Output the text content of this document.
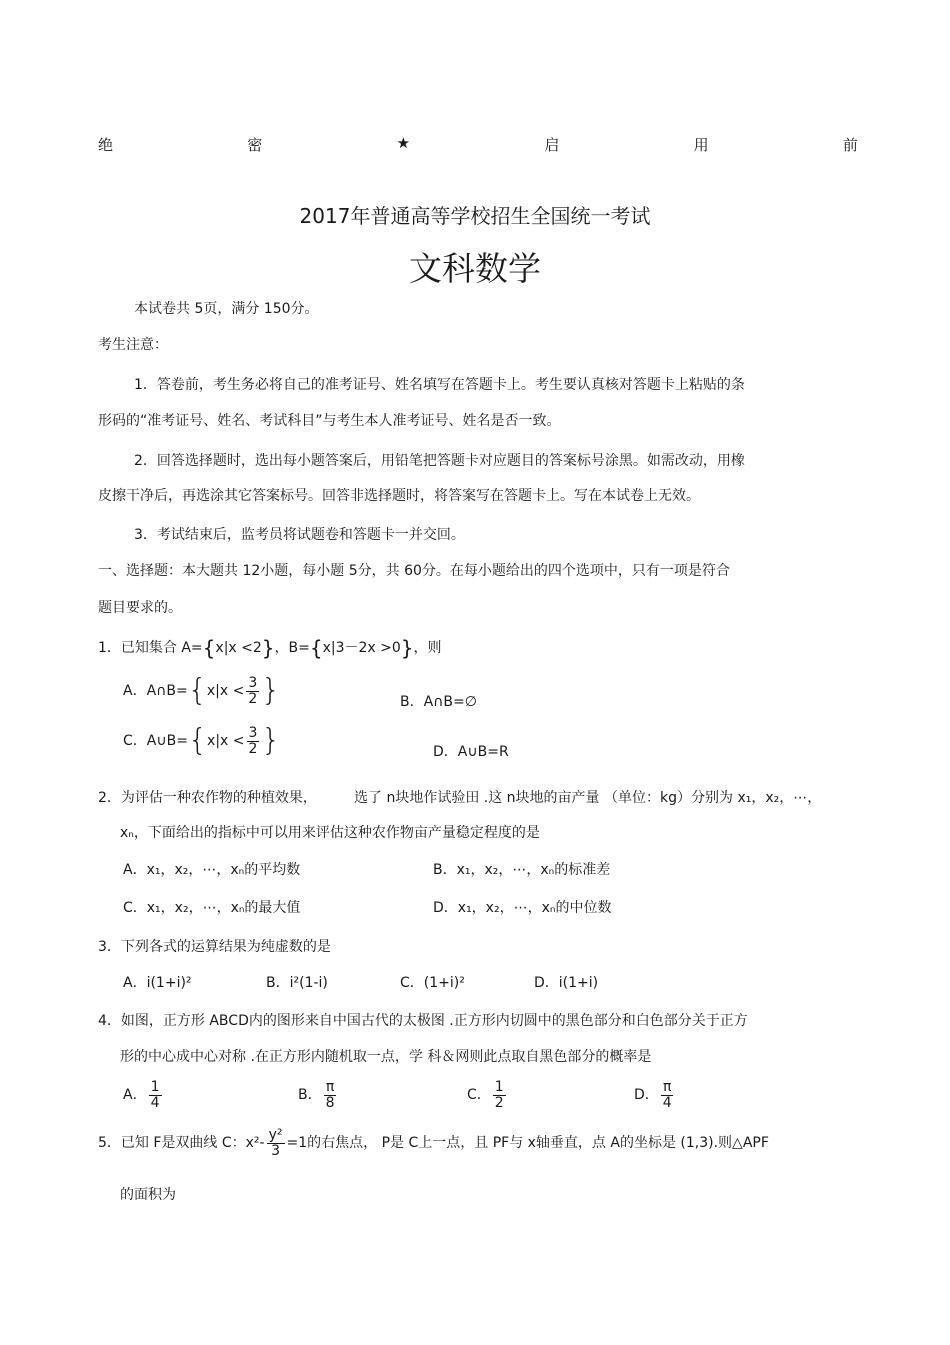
绝	密	★	启	用	前
2017年普通高等学校招生全国统一考试
文科数学
本试卷共 5页，满分 150分。
考生注意：
1．答卷前，考生务必将自己的准考证号、姓名填写在答题卡上。考生要认真核对答题卡上粘贴的条
形码的“准考证号、姓名、考试科目”与考生本人准考证号、姓名是否一致。
2．回答选择题时，选出每小题答案后，用铅笔把答题卡对应题目的答案标号涂黑。如需改动，用橡
皮擦干净后，再选涂其它答案标号。回答非选择题时，将答案写在答题卡上。写在本试卷上无效。
3．考试结束后，监考员将试题卷和答题卡一并交回。
一、选择题：本大题共 12小题，每小题 5分，共 60分。在每小题给出的四个选项中，只有一项是符合
题目要求的。
1．已知集合 A={x|x <2}，B={x|3－2x >0}，则
A．A∩B={x|x < $\frac{3}{2}$ }	B．A∩B=∅
C．A∪B={x|x < $\frac{3}{2}$ }	D．A∪B=R
2．为评估一种农作物的种植效果，	选了 n块地作试验田 .这 n块地的亩产量 （单位：kg）分别为 x₁，x₂，⋯，
xₙ，下面给出的指标中可以用来评估这种农作物亩产量稳定程度的是
A．x₁，x₂，⋯，xₙ的平均数	B．x₁，x₂，⋯，xₙ的标准差
C．x₁，x₂，⋯，xₙ的最大值	D．x₁，x₂，⋯，xₙ的中位数
3．下列各式的运算结果为纯虚数的是
A．i(1+i)²	B．i²(1-i)	C．(1+i)²	D．i(1+i)
4．如图，正方形 ABCD内的图形来自中国古代的太极图 .正方形内切圆中的黑色部分和白色部分关于正方
形的中心成中心对称 .在正方形内随机取一点，学 科＆网则此点取自黑色部分的概率是
A． $\frac{1}{4}$	B． $\frac{\pi}{8}$	C． $\frac{1}{2}$	D． $\frac{\pi}{4}$
5．已知 F是双曲线 C：$x^2- \frac{\text{y²}}{3} =1$的右焦点， P是 C上一点，且 PF与 x轴垂直，点 A的坐标是 (1,3).则△APF
的面积为
